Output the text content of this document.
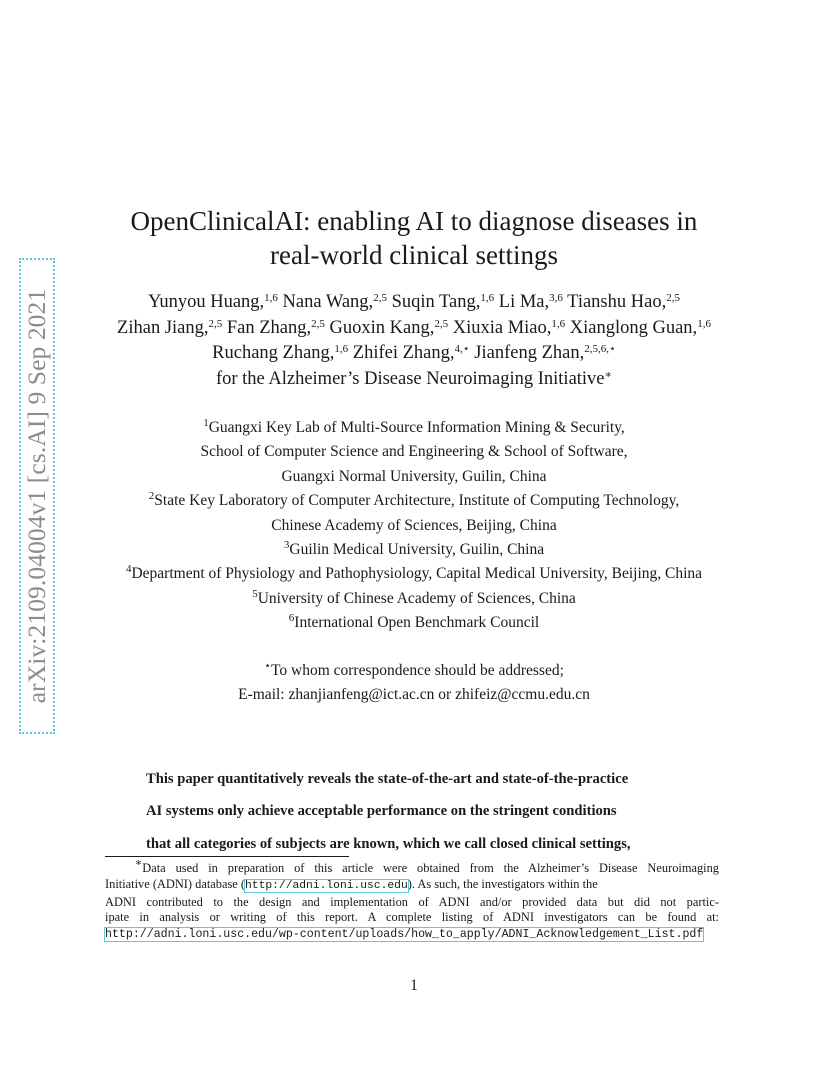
arXiv:2109.04004v1 [cs.AI] 9 Sep 2021
OpenClinicalAI: enabling AI to diagnose diseases in
real-world clinical settings
Yunyou Huang,$^{1,6}$ Nana Wang,$^{2,5}$ Suqin Tang,$^{1,6}$ Li Ma,$^{3,6}$ Tianshu Hao,$^{2,5}$
Zihan Jiang,$^{2,5}$ Fan Zhang,$^{2,5}$ Guoxin Kang,$^{2,5}$ Xiuxia Miao,$^{1,6}$ Xianglong Guan,$^{1,6}$
Ruchang Zhang,$^{1,6}$ Zhifei Zhang,$^{4,⋆}$ Jianfeng Zhan,$^{2,5,6,⋆}$
for the Alzheimer’s Disease Neuroimaging Initiative∗
$^1$Guangxi Key Lab of Multi-Source Information Mining & Security,
School of Computer Science and Engineering & School of Software,
Guangxi Normal University, Guilin, China
$^2$State Key Laboratory of Computer Architecture, Institute of Computing Technology,
Chinese Academy of Sciences, Beijing, China
$^3$Guilin Medical University, Guilin, China
$^4$Department of Physiology and Pathophysiology, Capital Medical University, Beijing, China
$^5$University of Chinese Academy of Sciences, China
$^6$International Open Benchmark Council
⋆To whom correspondence should be addressed;
E-mail: zhanjianfeng@ict.ac.cn or zhifeiz@ccmu.edu.cn
This paper quantitatively reveals the state-of-the-art and state-of-the-practice
AI systems only achieve acceptable performance on the stringent conditions
that all categories of subjects are known, which we call closed clinical settings,
∗Data used in preparation of this article were obtained from the Alzheimer’s Disease Neuroimaging
Initiative (ADNI) database (http://adni.loni.usc.edu). As such, the investigators within the
ADNI contributed to the design and implementation of ADNI and/or provided data but did not partic-
ipate in analysis or writing of this report. A complete listing of ADNI investigators can be found at:
http://adni.loni.usc.edu/wp-content/uploads/how_to_apply/ADNI_Acknowledgement_List.pdf
1
